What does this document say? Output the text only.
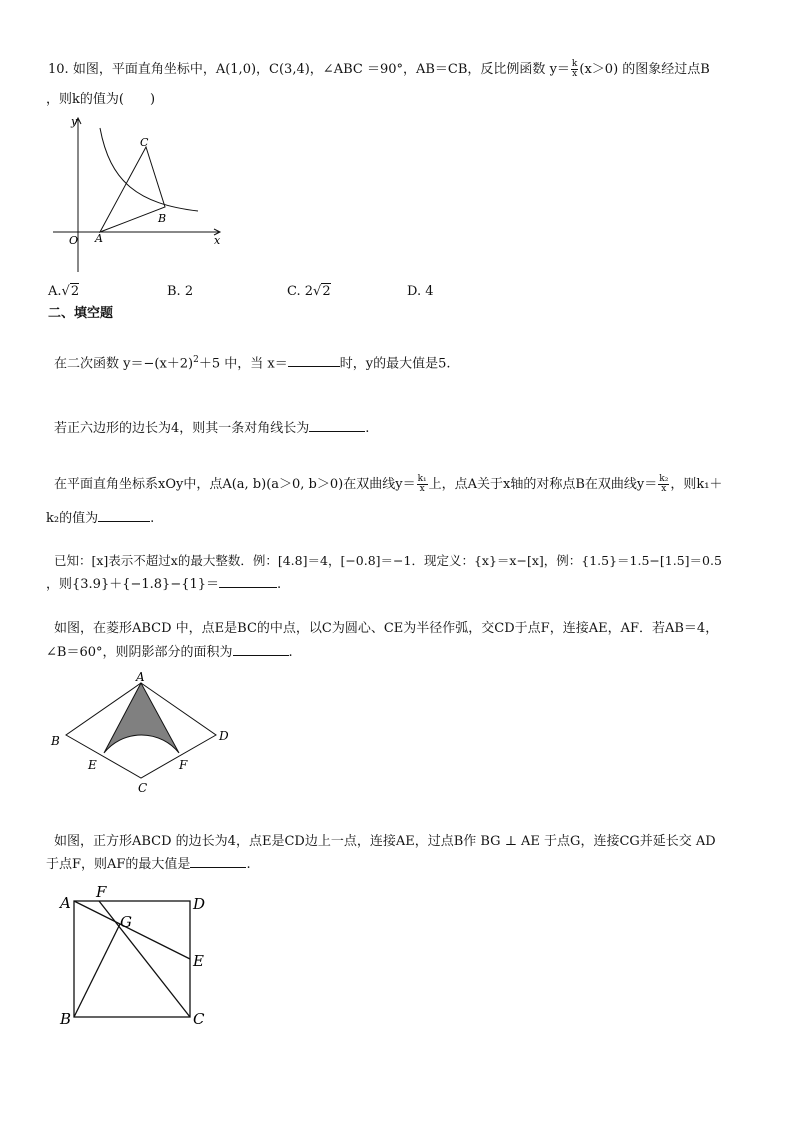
10. 如图，平面直角坐标中，A(1,0)，C(3,4)，∠ABC ＝90°，AB＝CB，反比例函数 $y= \frac{k}{x} (x>0)$ 的图象经过点B
，则k的值为(　　)
y
x
O A
B
C
A.√2	B. 2	C. 2√2	D. 4
二、填空题
在二次函数 $y=-(x+2)^2+5$ 中，当 x＝	时，y的最大值是5.
若正六边形的边长为4，则其一条对角线长为	.
在平面直角坐标系xOy中，点A(a, b)(a＞0, b＞0)在双曲线$y= \frac{\text{k₁}}{x}$ 上，点A关于x轴的对称点B在双曲线$y= \frac{\text{k₂}}{x}$ ，则k₁＋
k₂的值为	.
已知：[x]表示不超过x的最大整数．例：[4.8]＝4，[−0.8]＝−1．现定义：{x}＝x−[x]，例：{1.5}＝1.5−[1.5]＝0.5
，则{3.9}＋{−1.8}−{1}＝	.
如图，在菱形ABCD 中，点E是BC的中点，以C为圆心、CE为半径作弧，交CD于点F，连接AE，AF．若AB＝4，
∠B＝60°，则阴影部分的面积为	.
A
B
C
D
E	F
如图，正方形ABCD 的边长为4，点E是CD边上一点，连接AE，过点B作 BG ⊥ AE 于点G，连接CG并延长交 AD
于点F，则AF的最大值是	.
A
B	C
D
E
F
G
